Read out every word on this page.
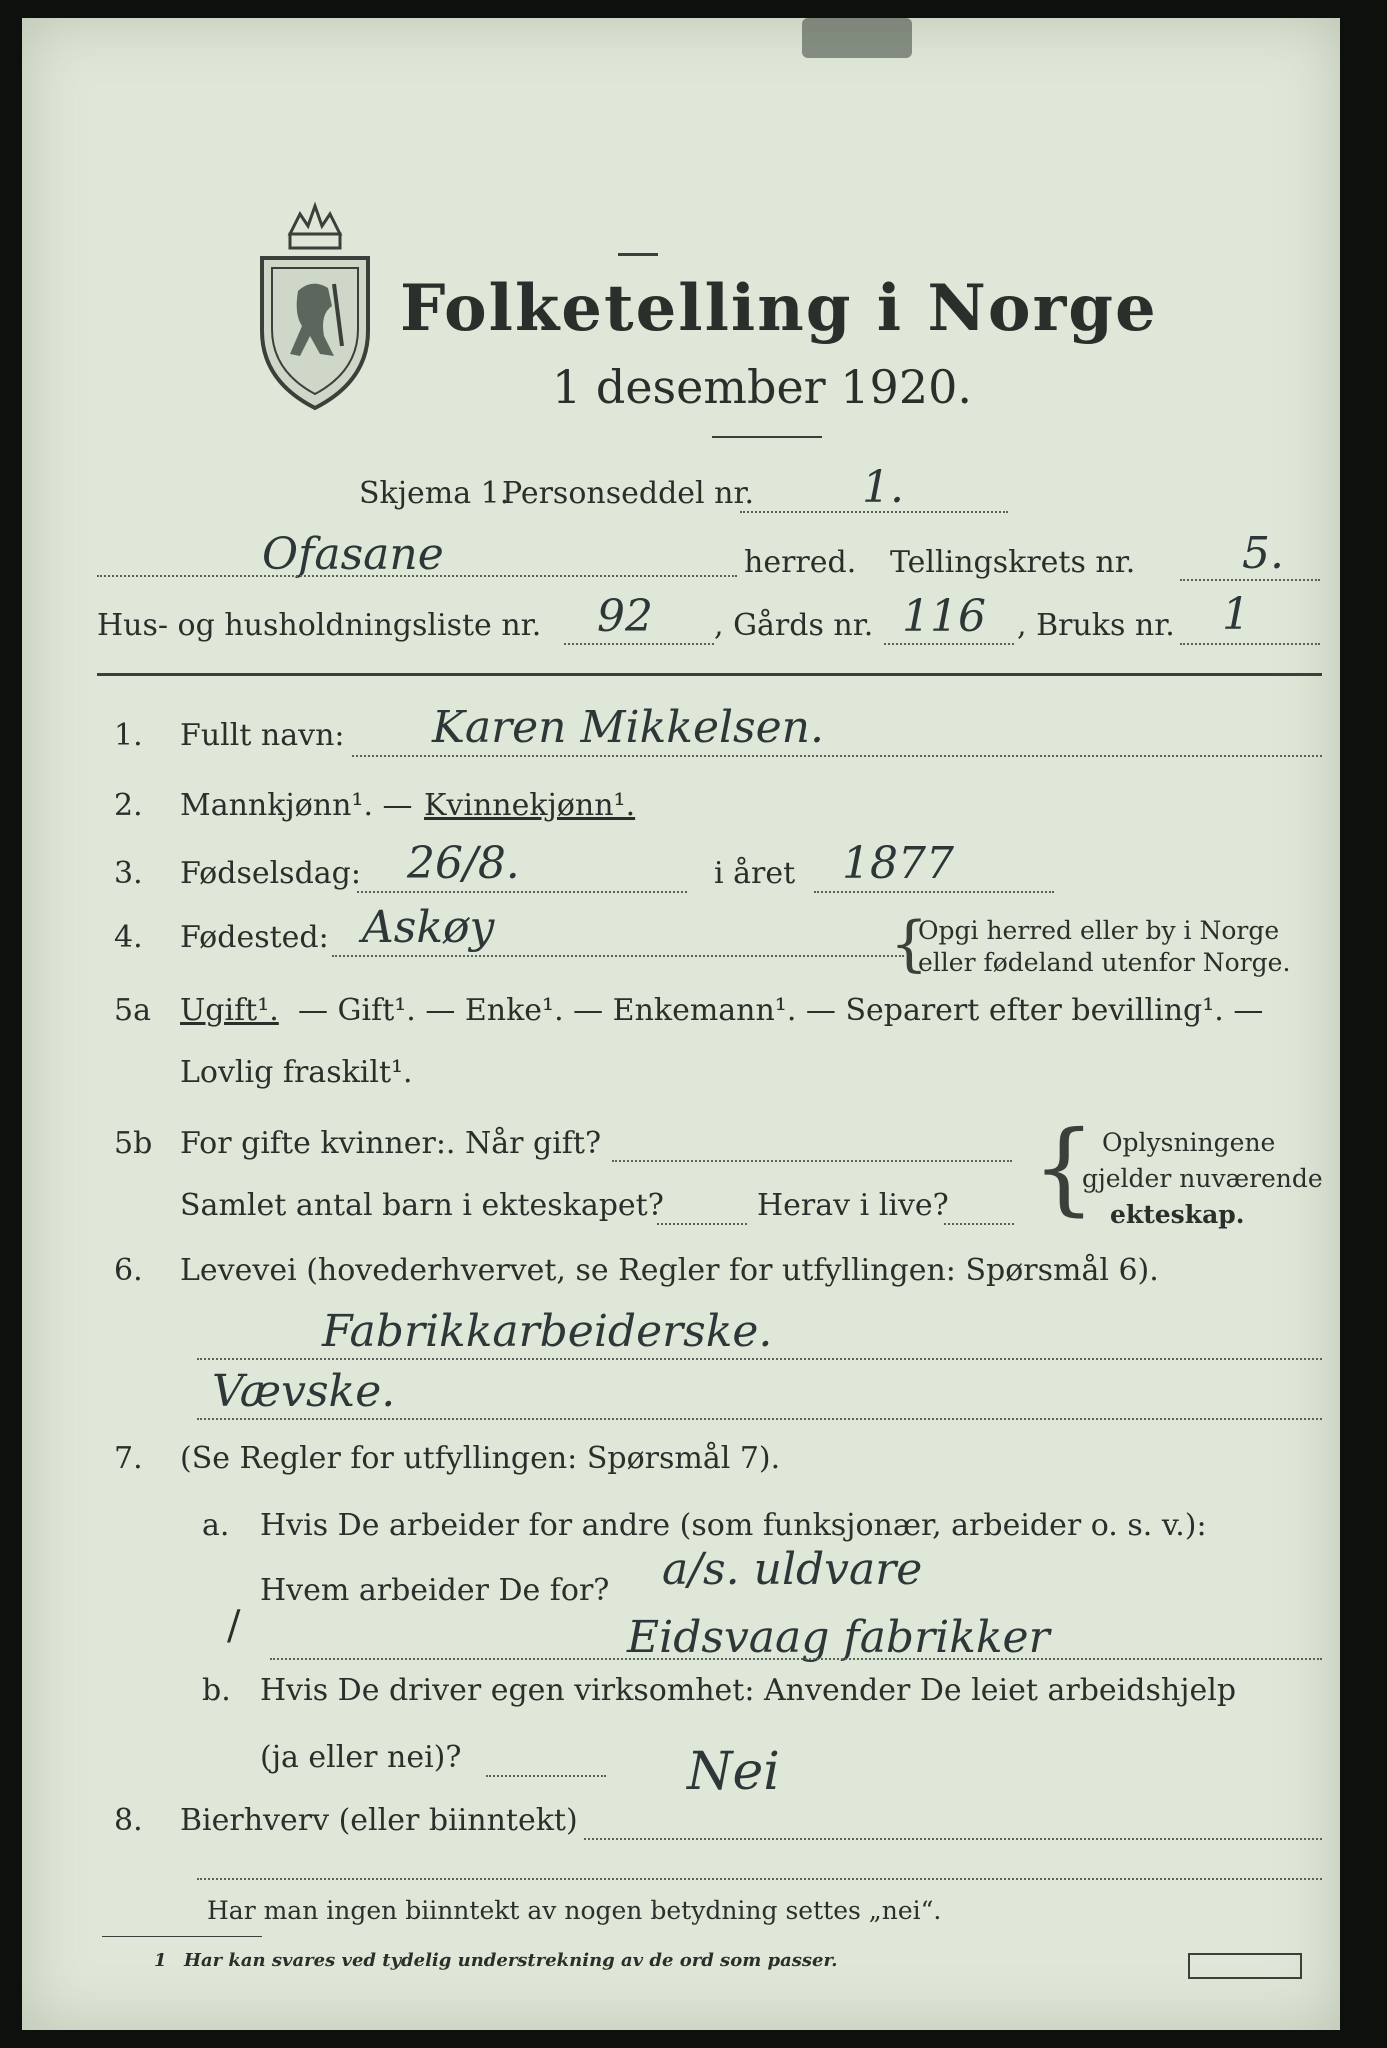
Folketelling i Norge
1 desember 1920.
Skjema 1.
Personseddel nr. 1.
Ofasane	herred. Tellingskrets nr. 5.
Hus- og husholdningsliste nr. 92 , Gårds nr. 116 , Bruks nr. 1
1. Fullt navn: Karen Mikkelsen.
2. Mannkjønn¹. — Kvinnekjønn¹.
3. Fødselsdag: 26/8.	i året 1877
4. Fødested: Askøy	{
Opgi herred eller by i Norge
eller fødeland utenfor Norge.
5a Ugift¹. — Gift¹. — Enke¹. — Enkemann¹. — Separert efter bevilling¹. —
Lovlig fraskilt¹.
5b For gifte kvinner:. Når gift?
Samlet antal barn i ekteskapet?	Herav i live? { Oplysningene
gjelder nuværende
ekteskap.
6. Levevei (hovederhvervet, se Regler for utfyllingen: Spørsmål 6).
Fabrikkarbeiderske.
Vævske.
7. (Se Regler for utfyllingen: Spørsmål 7).
a. Hvis De arbeider for andre (som funksjonær, arbeider o. s. v.):
Hvem arbeider De for? a/s. uldvare
/	Eidsvaag fabrikker
b. Hvis De driver egen virksomhet: Anvender De leiet arbeidshjelp
(ja eller nei)?
8. Bierhverv (eller biinntekt)
Nei
Har man ingen biinntekt av nogen betydning settes „nei“.
1 Har kan svares ved tydelig understrekning av de ord som passer.
